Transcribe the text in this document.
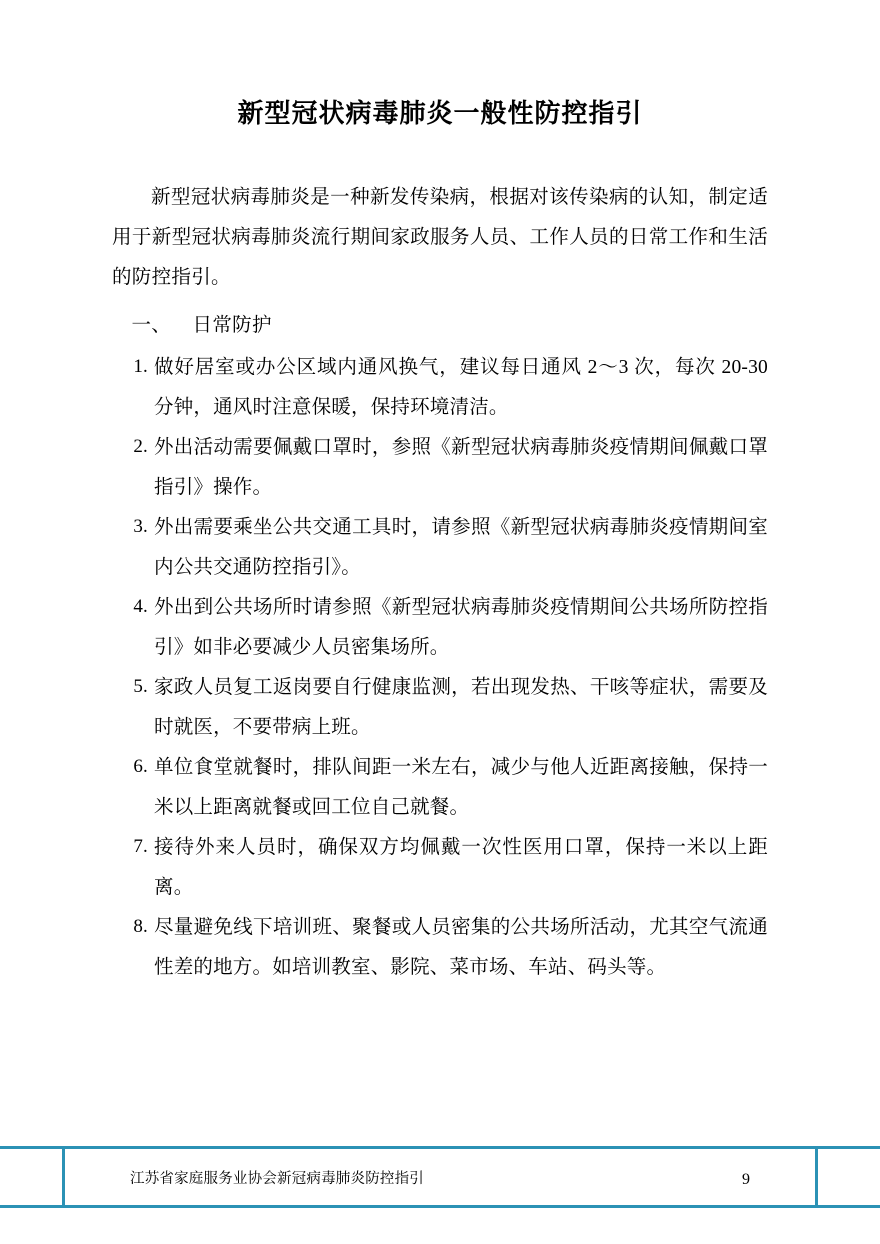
新型冠状病毒肺炎一般性防控指引

新型冠状病毒肺炎是一种新发传染病，根据对该传染病的认知，制定适用于新型冠状病毒肺炎流行期间家政服务人员、工作人员的日常工作和生活的防控指引。

一、 日常防护
1. 做好居室或办公区域内通风换气，建议每日通风 2～3 次，每次 20-30 分钟，通风时注意保暖，保持环境清洁。
2. 外出活动需要佩戴口罩时，参照《新型冠状病毒肺炎疫情期间佩戴口罩指引》操作。
3. 外出需要乘坐公共交通工具时，请参照《新型冠状病毒肺炎疫情期间室内公共交通防控指引》。
4. 外出到公共场所时请参照《新型冠状病毒肺炎疫情期间公共场所防控指引》如非必要减少人员密集场所。
5. 家政人员复工返岗要自行健康监测，若出现发热、干咳等症状，需要及时就医，不要带病上班。
6. 单位食堂就餐时，排队间距一米左右，减少与他人近距离接触，保持一米以上距离就餐或回工位自己就餐。
7. 接待外来人员时，确保双方均佩戴一次性医用口罩，保持一米以上距离。
8. 尽量避免线下培训班、聚餐或人员密集的公共场所活动，尤其空气流通性差的地方。如培训教室、影院、菜市场、车站、码头等。
江苏省家庭服务业协会新冠病毒肺炎防控指引	9
